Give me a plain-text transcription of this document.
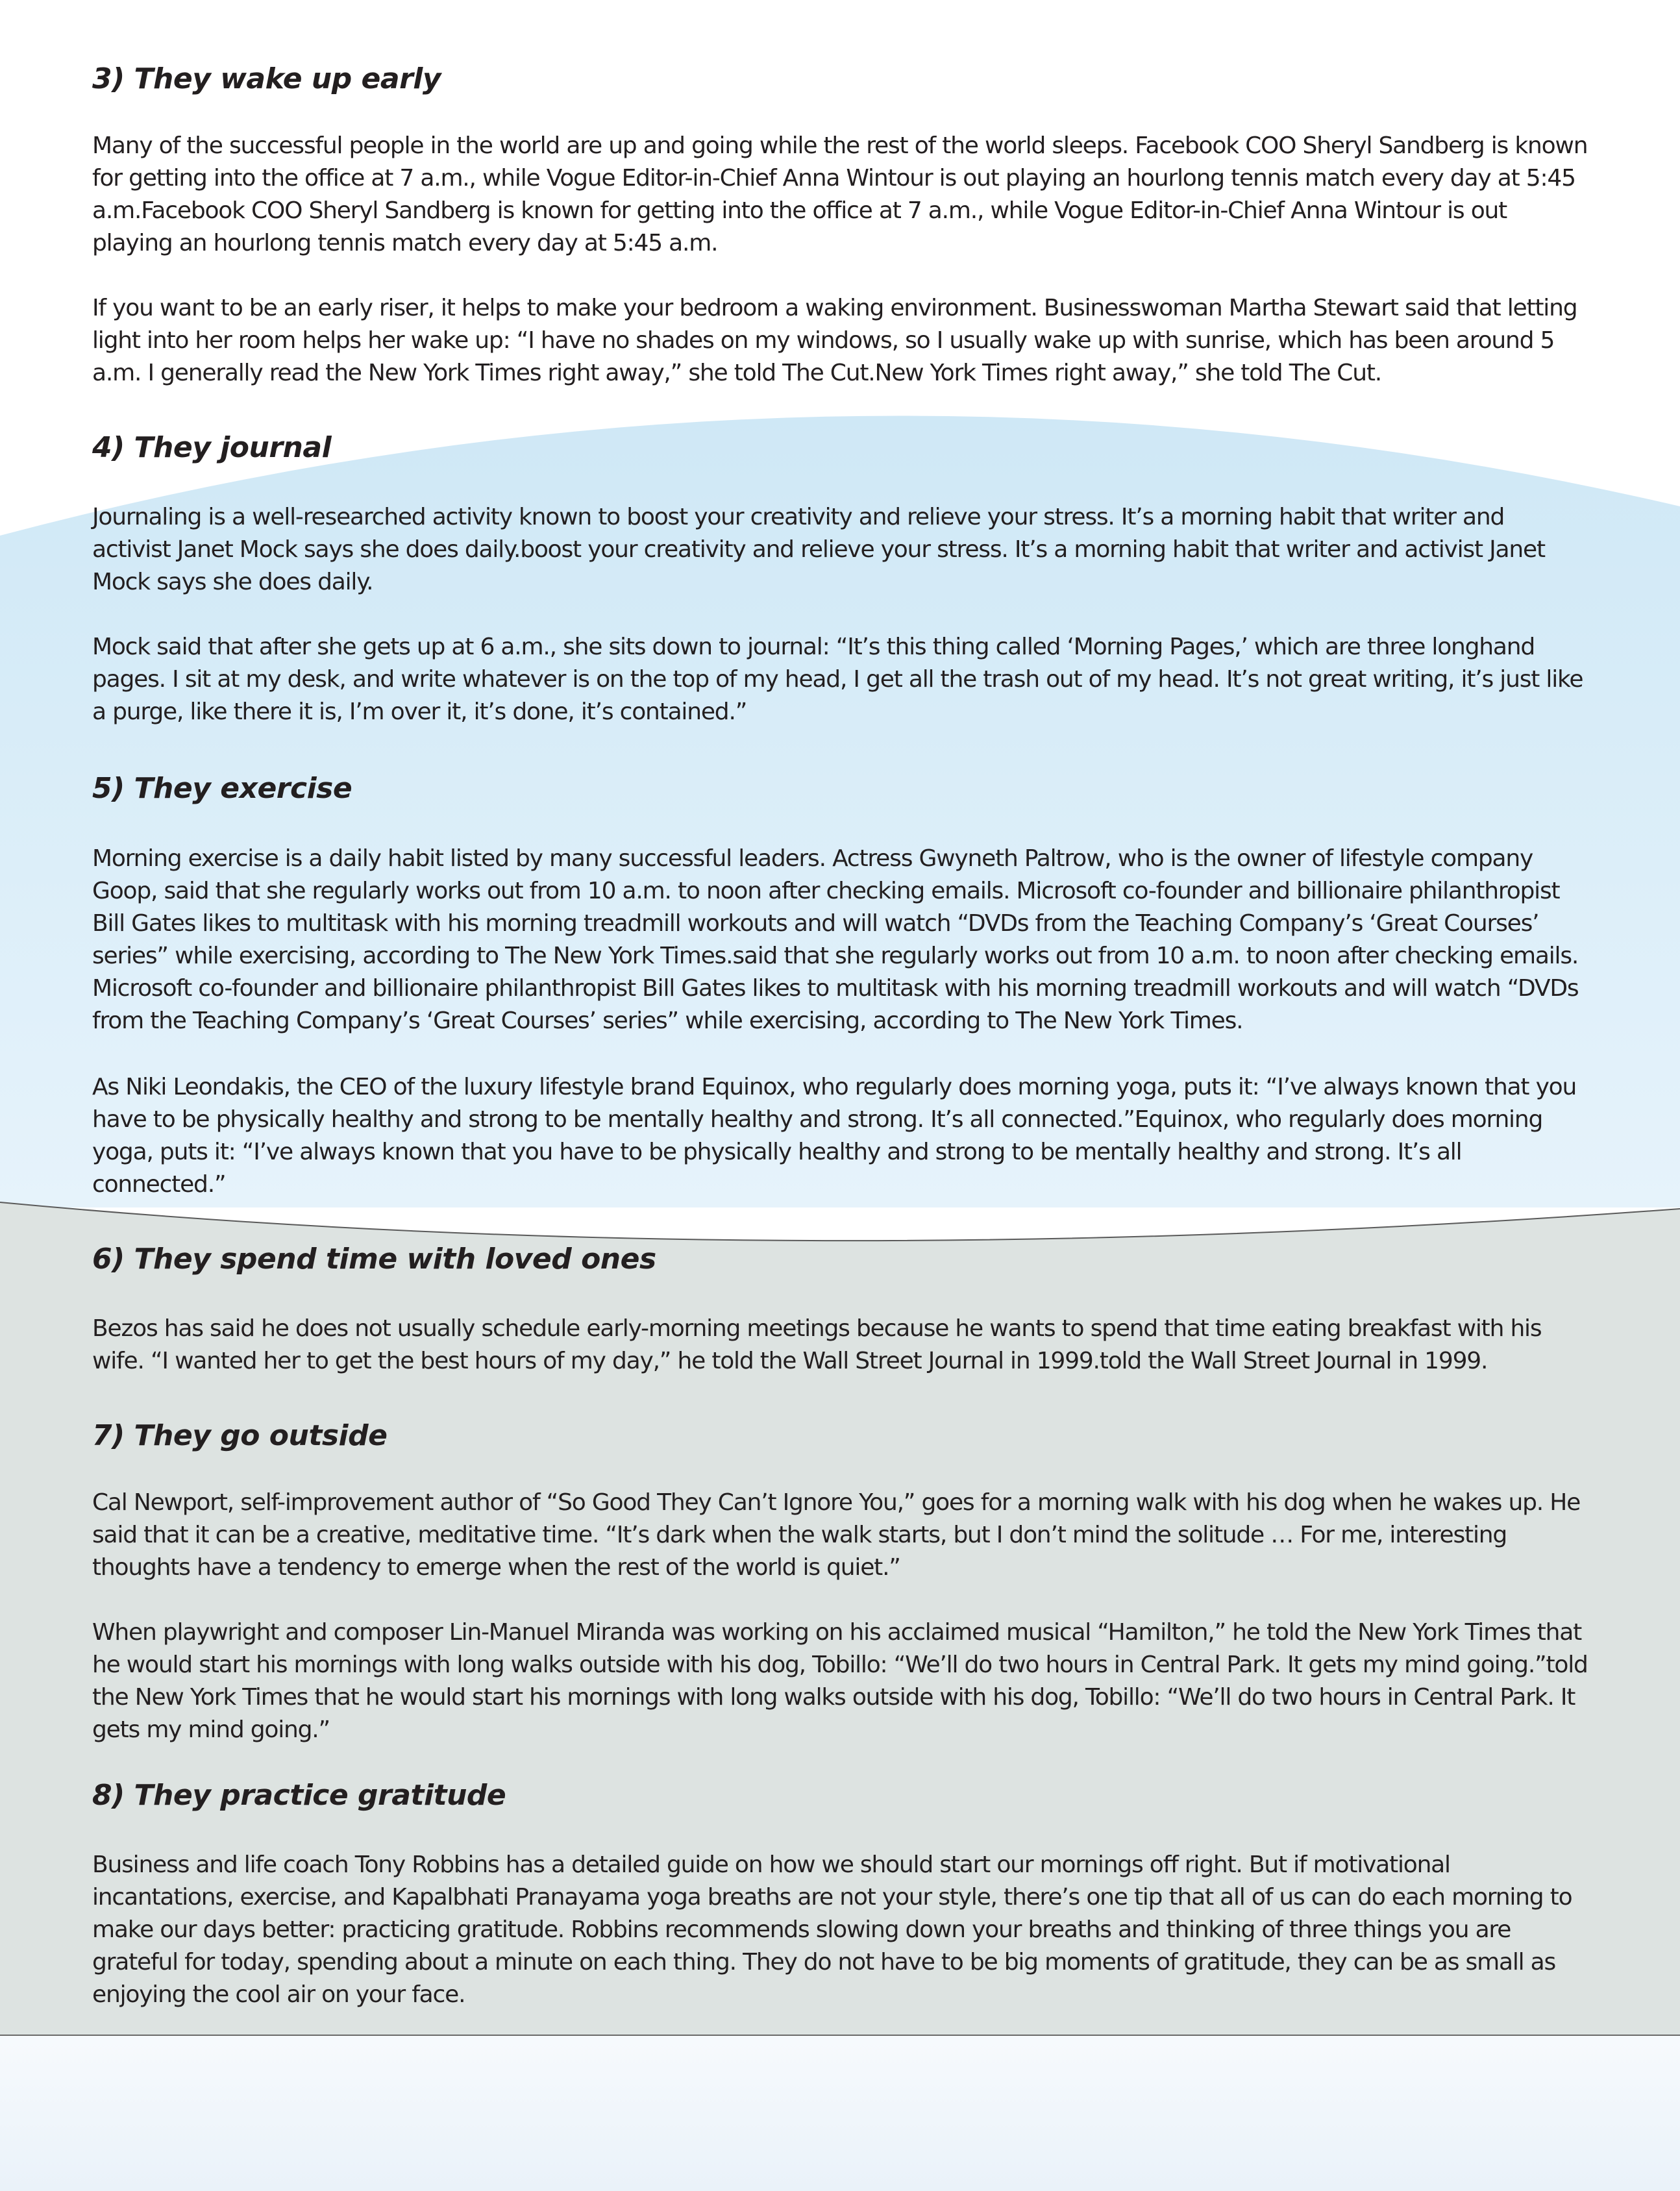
3) They wake up early

Many of the successful people in the world are up and going while the rest of the world sleeps. Facebook COO Sheryl Sandberg is known for getting into the office at 7 a.m., while Vogue Editor-in-Chief Anna Wintour is out playing an hourlong tennis match every day at 5:45 a.m.Facebook COO Sheryl Sandberg is known for getting into the office at 7 a.m., while Vogue Editor-in-Chief Anna Wintour is out playing an hourlong tennis match every day at 5:45 a.m.

If you want to be an early riser, it helps to make your bedroom a waking environment. Businesswoman Martha Stewart said that letting light into her room helps her wake up: “I have no shades on my windows, so I usually wake up with sunrise, which has been around 5 a.m. I generally read the New York Times right away,” she told The Cut.New York Times right away,” she told The Cut.

4) They journal

Journaling is a well-researched activity known to boost your creativity and relieve your stress. It’s a morning habit that writer and activist Janet Mock says she does daily.boost your creativity and relieve your stress. It’s a morning habit that writer and activist Janet Mock says she does daily.

Mock said that after she gets up at 6 a.m., she sits down to journal: “It’s this thing called ‘Morning Pages,’ which are three longhand pages. I sit at my desk, and write whatever is on the top of my head, I get all the trash out of my head. It’s not great writing, it’s just like a purge, like there it is, I’m over it, it’s done, it’s contained.”

5) They exercise

Morning exercise is a daily habit listed by many successful leaders. Actress Gwyneth Paltrow, who is the owner of lifestyle company Goop, said that she regularly works out from 10 a.m. to noon after checking emails. Microsoft co-founder and billionaire philanthropist Bill Gates likes to multitask with his morning treadmill workouts and will watch “DVDs from the Teaching Company’s ‘Great Courses’ series” while exercising, according to The New York Times.said that she regularly works out from 10 a.m. to noon after checking emails. Microsoft co-founder and billionaire philanthropist Bill Gates likes to multitask with his morning treadmill workouts and will watch “DVDs from the Teaching Company’s ‘Great Courses’ series” while exercising, according to The New York Times.

As Niki Leondakis, the CEO of the luxury lifestyle brand Equinox, who regularly does morning yoga, puts it: “I’ve always known that you have to be physically healthy and strong to be mentally healthy and strong. It’s all connected.”Equinox, who regularly does morning yoga, puts it: “I’ve always known that you have to be physically healthy and strong to be mentally healthy and strong. It’s all connected.”

6) They spend time with loved ones

Bezos has said he does not usually schedule early-morning meetings because he wants to spend that time eating breakfast with his wife. “I wanted her to get the best hours of my day,” he told the Wall Street Journal in 1999.told the Wall Street Journal in 1999.

7) They go outside

Cal Newport, self-improvement author of “So Good They Can’t Ignore You,” goes for a morning walk with his dog when he wakes up. He said that it can be a creative, meditative time. “It’s dark when the walk starts, but I don’t mind the solitude … For me, interesting thoughts have a tendency to emerge when the rest of the world is quiet.”

When playwright and composer Lin-Manuel Miranda was working on his acclaimed musical “Hamilton,” he told the New York Times that he would start his mornings with long walks outside with his dog, Tobillo: “We’ll do two hours in Central Park. It gets my mind going.”told the New York Times that he would start his mornings with long walks outside with his dog, Tobillo: “We’ll do two hours in Central Park. It gets my mind going.”

8) They practice gratitude

Business and life coach Tony Robbins has a detailed guide on how we should start our mornings off right. But if motivational incantations, exercise, and Kapalbhati Pranayama yoga breaths are not your style, there’s one tip that all of us can do each morning to make our days better: practicing gratitude. Robbins recommends slowing down your breaths and thinking of three things you are grateful for today, spending about a minute on each thing. They do not have to be big moments of gratitude, they can be as small as enjoying the cool air on your face.
